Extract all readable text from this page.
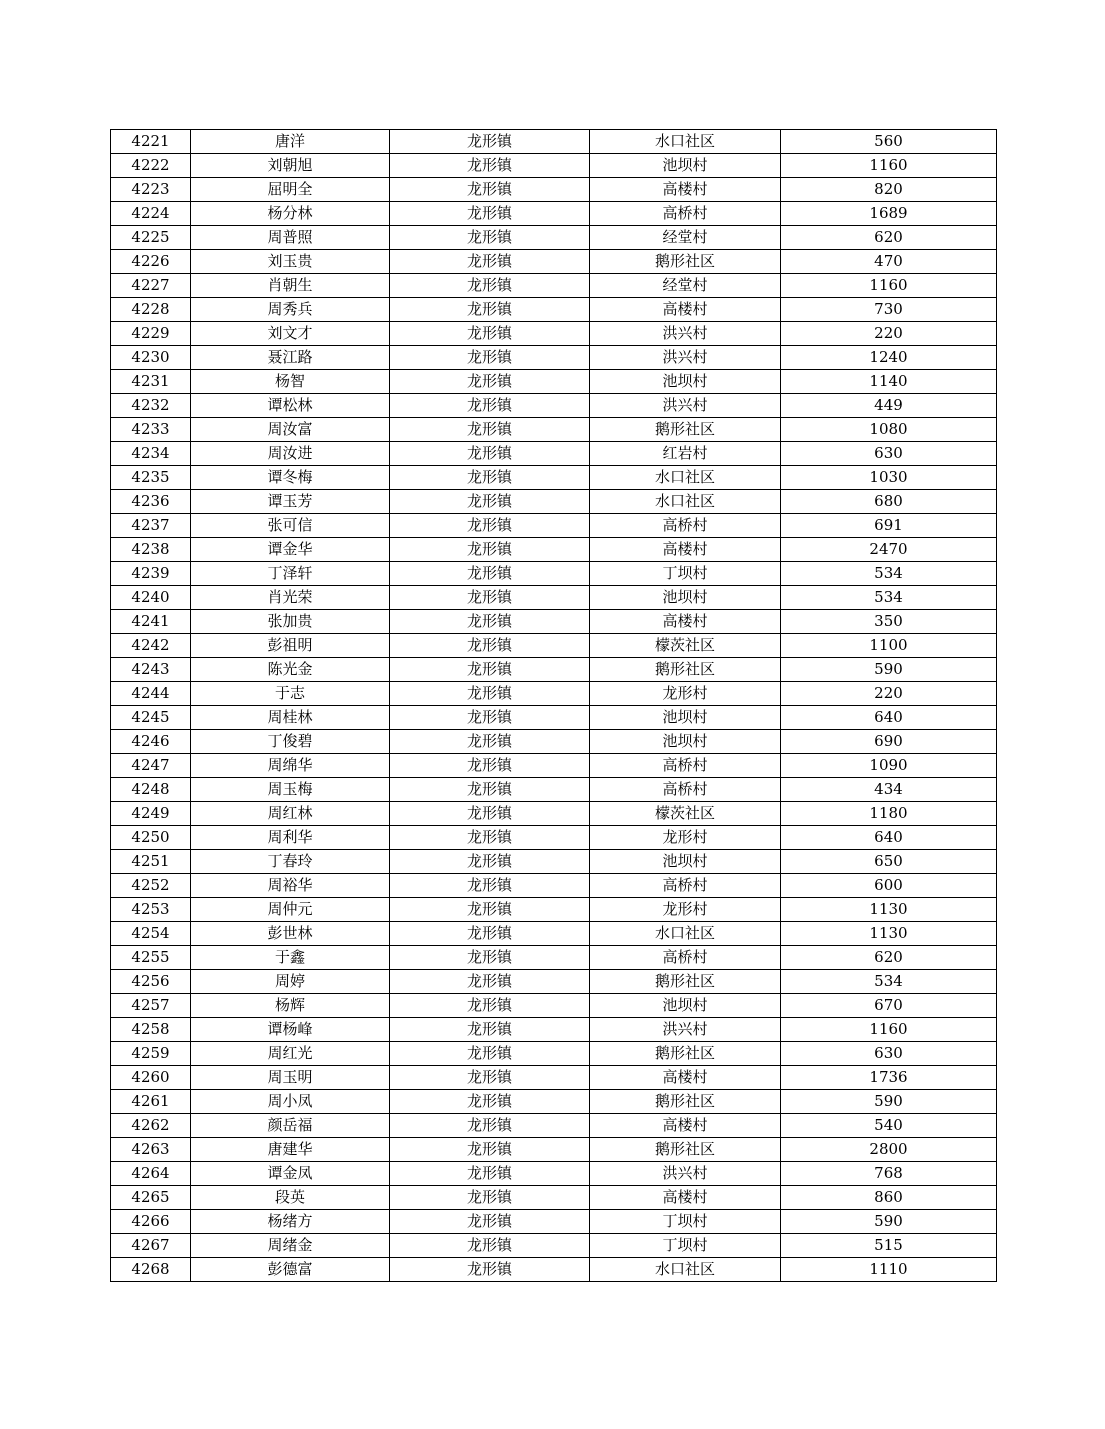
4221	唐洋	龙形镇	水口社区	560
4222	刘朝旭	龙形镇	池坝村	1160
4223	屈明全	龙形镇	高楼村	820
4224	杨分林	龙形镇	高桥村	1689
4225	周普照	龙形镇	经堂村	620
4226	刘玉贵	龙形镇	鹅形社区	470
4227	肖朝生	龙形镇	经堂村	1160
4228	周秀兵	龙形镇	高楼村	730
4229	刘文才	龙形镇	洪兴村	220
4230	聂江路	龙形镇	洪兴村	1240
4231	杨智	龙形镇	池坝村	1140
4232	谭松林	龙形镇	洪兴村	449
4233	周汝富	龙形镇	鹅形社区	1080
4234	周汝进	龙形镇	红岩村	630
4235	谭冬梅	龙形镇	水口社区	1030
4236	谭玉芳	龙形镇	水口社区	680
4237	张可信	龙形镇	高桥村	691
4238	谭金华	龙形镇	高楼村	2470
4239	丁泽轩	龙形镇	丁坝村	534
4240	肖光荣	龙形镇	池坝村	534
4241	张加贵	龙形镇	高楼村	350
4242	彭祖明	龙形镇	檬茨社区	1100
4243	陈光金	龙形镇	鹅形社区	590
4244	于志	龙形镇	龙形村	220
4245	周桂林	龙形镇	池坝村	640
4246	丁俊碧	龙形镇	池坝村	690
4247	周绵华	龙形镇	高桥村	1090
4248	周玉梅	龙形镇	高桥村	434
4249	周红林	龙形镇	檬茨社区	1180
4250	周利华	龙形镇	龙形村	640
4251	丁春玲	龙形镇	池坝村	650
4252	周裕华	龙形镇	高桥村	600
4253	周仲元	龙形镇	龙形村	1130
4254	彭世林	龙形镇	水口社区	1130
4255	于鑫	龙形镇	高桥村	620
4256	周婷	龙形镇	鹅形社区	534
4257	杨辉	龙形镇	池坝村	670
4258	谭杨峰	龙形镇	洪兴村	1160
4259	周红光	龙形镇	鹅形社区	630
4260	周玉明	龙形镇	高楼村	1736
4261	周小凤	龙形镇	鹅形社区	590
4262	颜岳福	龙形镇	高楼村	540
4263	唐建华	龙形镇	鹅形社区	2800
4264	谭金凤	龙形镇	洪兴村	768
4265	段英	龙形镇	高楼村	860
4266	杨绪方	龙形镇	丁坝村	590
4267	周绪金	龙形镇	丁坝村	515
4268	彭德富	龙形镇	水口社区	1110
